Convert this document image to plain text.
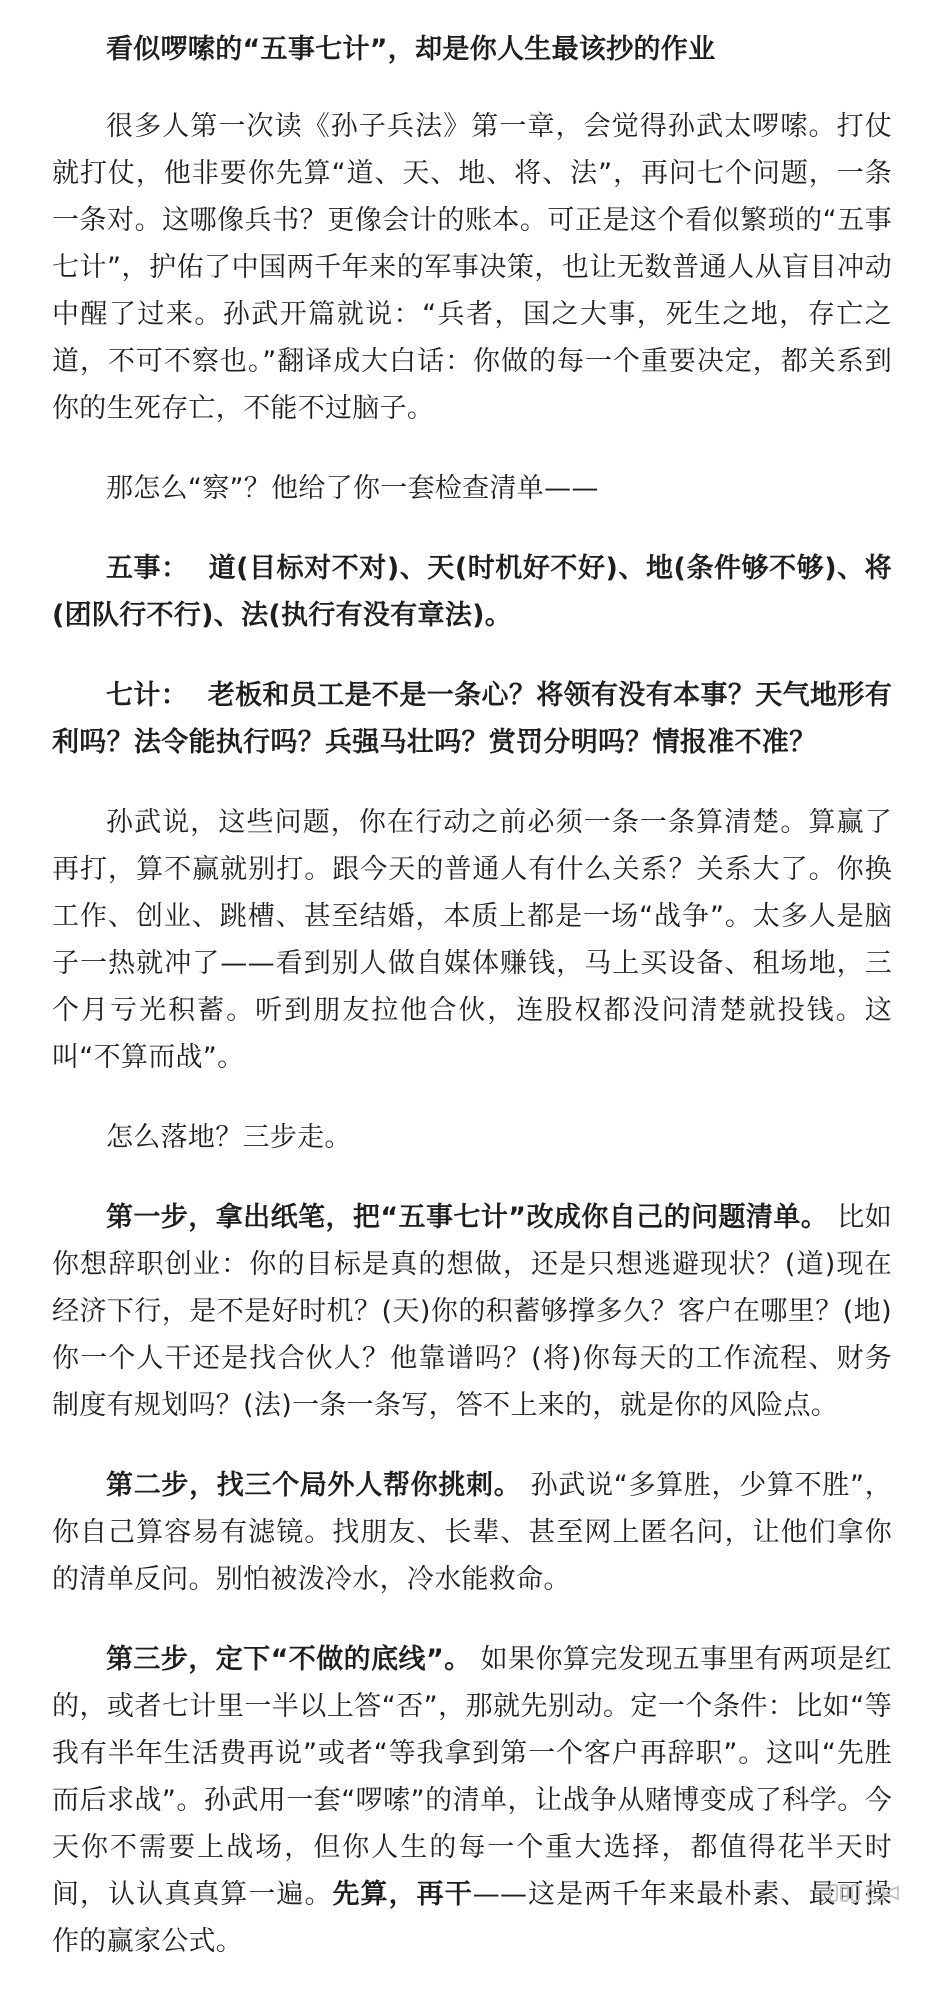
看似啰嗦的“五事七计”，却是你人生最该抄的作业

很多人第一次读《孙子兵法》第一章，会觉得孙武太啰嗦。打仗就打仗，他非要你先算“道、天、地、将、法”，再问七个问题，一条一条对。这哪像兵书？更像会计的账本。可正是这个看似繁琐的“五事七计”，护佑了中国两千年来的军事决策，也让无数普通人从盲目冲动中醒了过来。孙武开篇就说：“兵者，国之大事，死生之地，存亡之道，不可不察也。”翻译成大白话：你做的每一个重要决定，都关系到你的生死存亡，不能不过脑子。

那怎么“察”？他给了你一套检查清单——

五事： 道(目标对不对)、天(时机好不好)、地(条件够不够)、将(团队行不行)、法(执行有没有章法)。

七计： 老板和员工是不是一条心？将领有没有本事？天气地形有利吗？法令能执行吗？兵强马壮吗？赏罚分明吗？情报准不准？

孙武说，这些问题，你在行动之前必须一条一条算清楚。算赢了再打，算不赢就别打。跟今天的普通人有什么关系？关系大了。你换工作、创业、跳槽、甚至结婚，本质上都是一场“战争”。太多人是脑子一热就冲了——看到别人做自媒体赚钱，马上买设备、租场地，三个月亏光积蓄。听到朋友拉他合伙，连股权都没问清楚就投钱。这叫“不算而战”。

怎么落地？三步走。

第一步，拿出纸笔，把“五事七计”改成你自己的问题清单。 比如你想辞职创业：你的目标是真的想做，还是只想逃避现状？(道)现在经济下行，是不是好时机？(天)你的积蓄够撑多久？客户在哪里？(地)你一个人干还是找合伙人？他靠谱吗？(将)你每天的工作流程、财务制度有规划吗？(法)一条一条写，答不上来的，就是你的风险点。

第二步，找三个局外人帮你挑刺。 孙武说“多算胜，少算不胜”，你自己算容易有滤镜。找朋友、长辈、甚至网上匿名问，让他们拿你的清单反问。别怕被泼冷水，冷水能救命。

第三步，定下“不做的底线”。 如果你算完发现五事里有两项是红的，或者七计里一半以上答“否”，那就先别动。定一个条件：比如“等我有半年生活费再说”或者“等我拿到第一个客户再辞职”。这叫“先胜而后求战”。孙武用一套“啰嗦”的清单，让战争从赌博变成了科学。今天你不需要上战场，但你人生的每一个重大选择，都值得花半天时间，认认真真算一遍。先算，再干——这是两千年来最朴素、最可操作的赢家公式。
